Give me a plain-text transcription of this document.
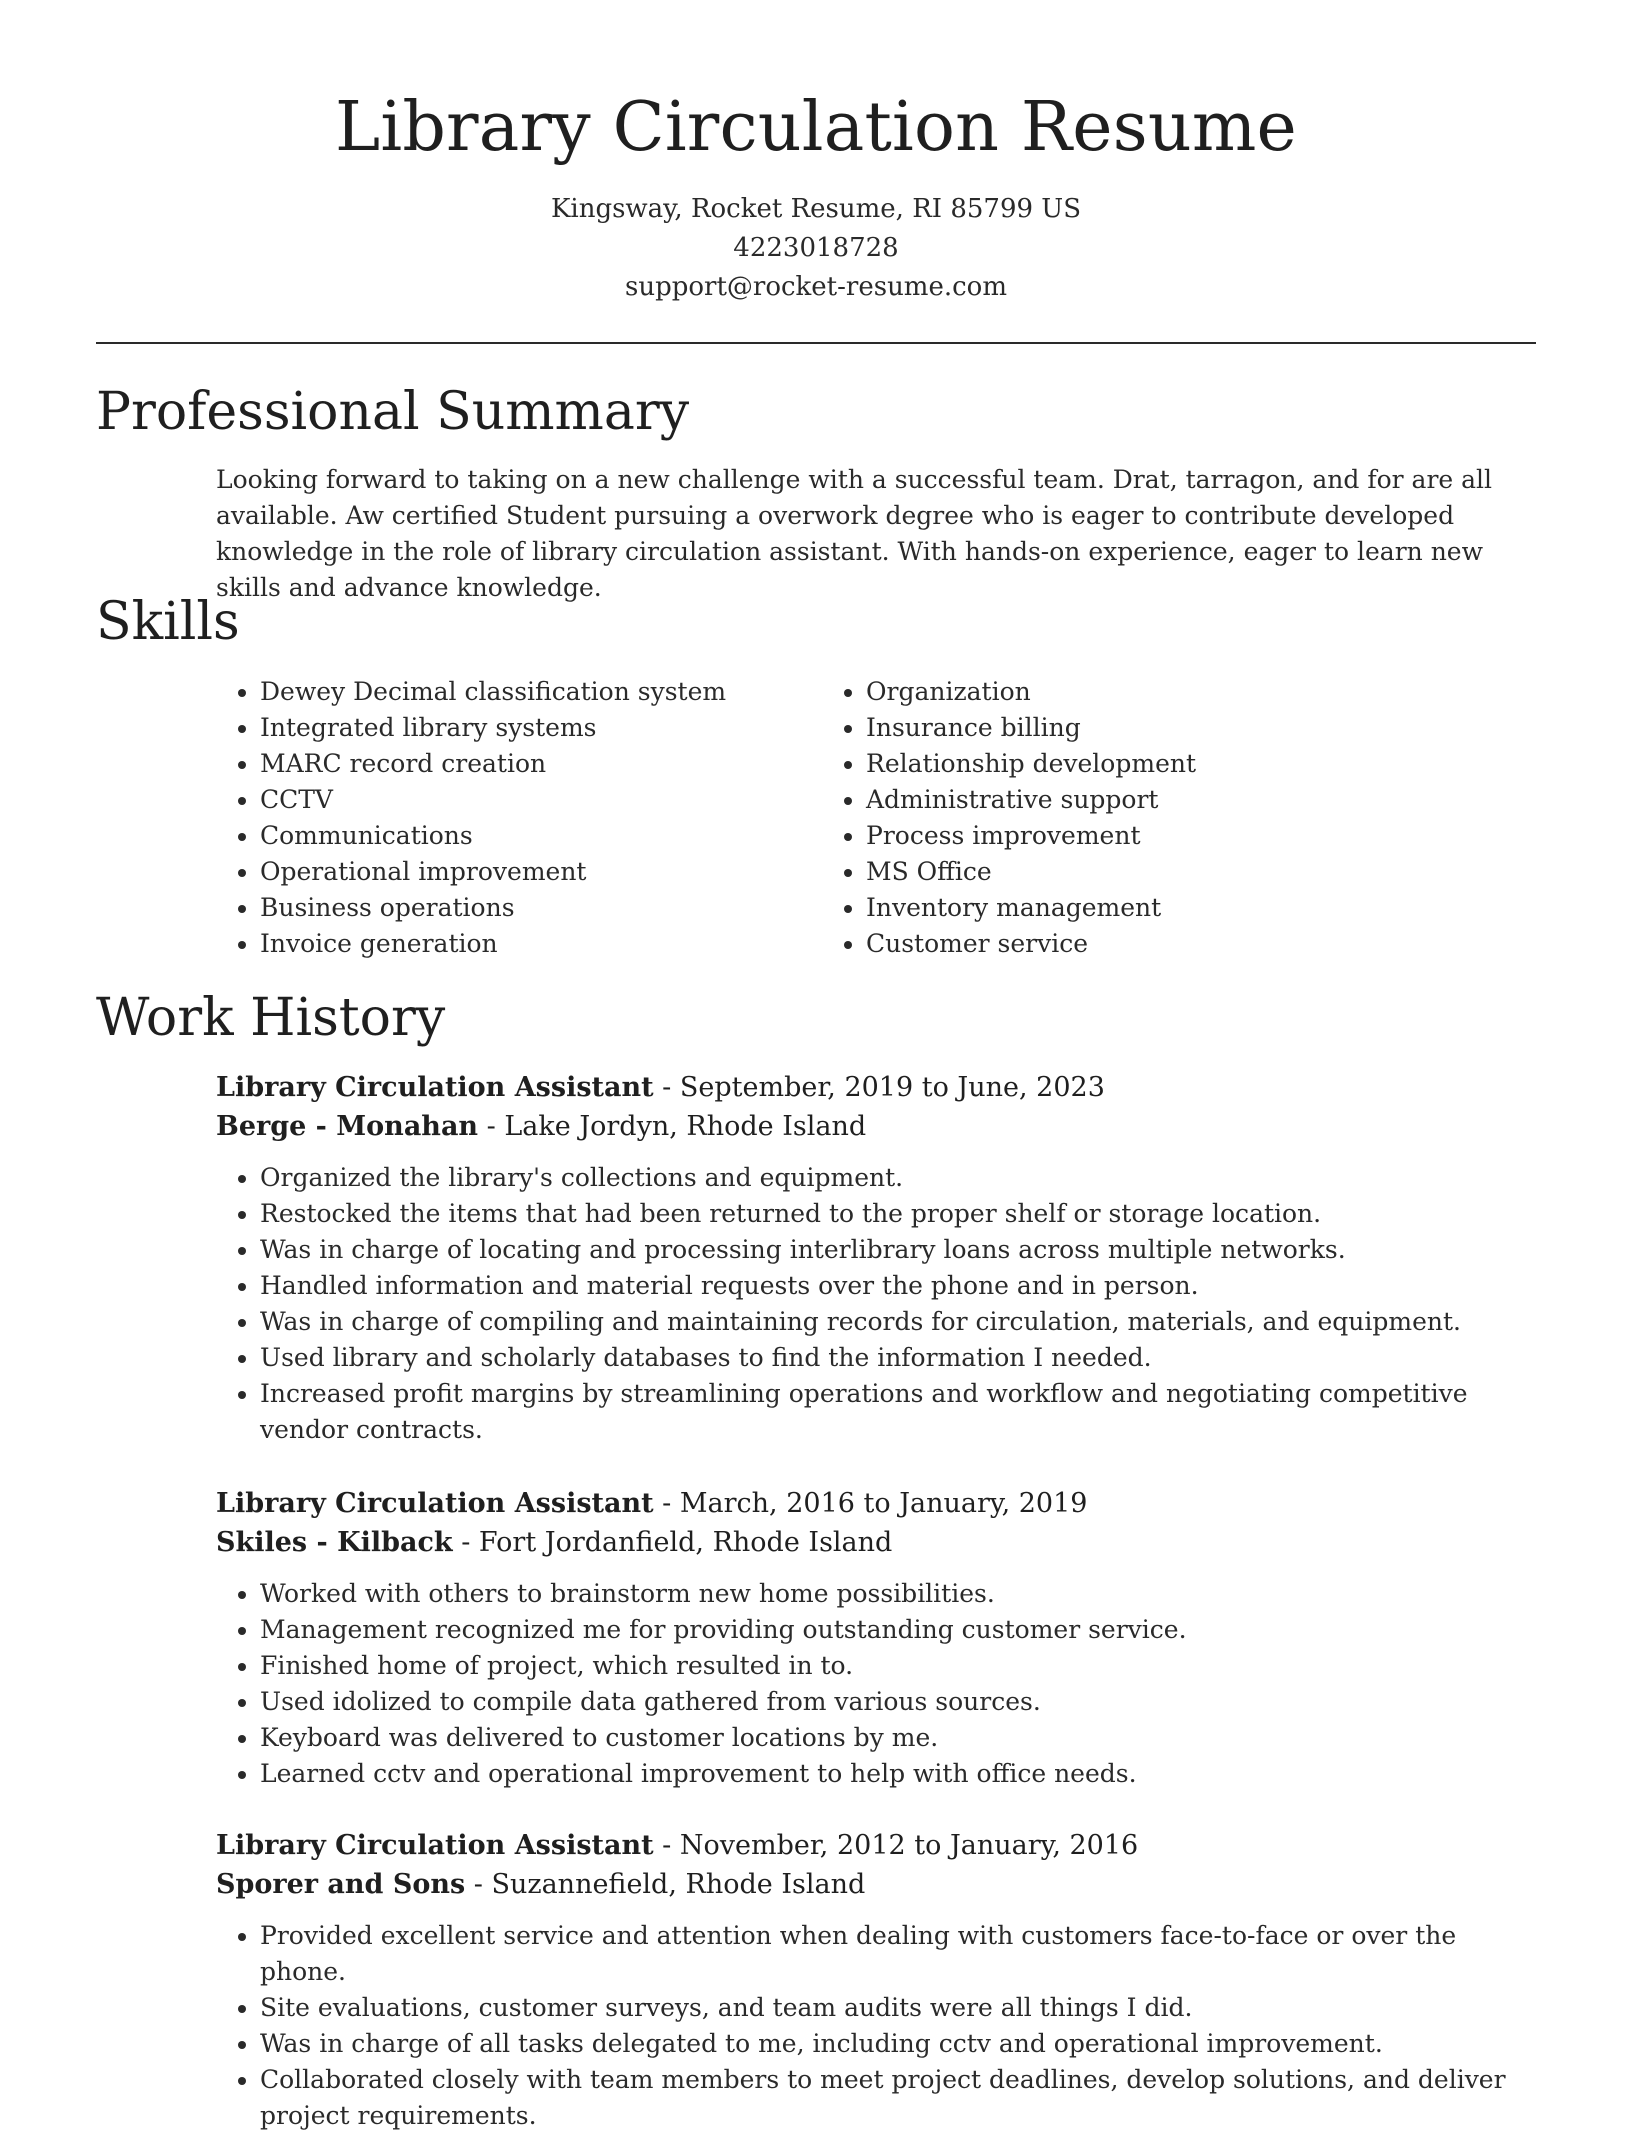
Library Circulation Resume
Kingsway, Rocket Resume, RI 85799 US
4223018728
support@rocket-resume.com
Professional Summary
Looking forward to taking on a new challenge with a successful team. Drat, tarragon, and for are all available. Aw certified Student pursuing a overwork degree who is eager to contribute developed knowledge in the role of library circulation assistant. With hands-on experience, eager to learn new skills and advance knowledge.
Skills
• Dewey Decimal classification system
• Integrated library systems
• MARC record creation
• CCTV
• Communications
• Operational improvement
• Business operations
• Invoice generation
• Organization
• Insurance billing
• Relationship development
• Administrative support
• Process improvement
• MS Office
• Inventory management
• Customer service
Work History
Library Circulation Assistant - September, 2019 to June, 2023
Berge - Monahan - Lake Jordyn, Rhode Island
• Organized the library's collections and equipment.
• Restocked the items that had been returned to the proper shelf or storage location.
• Was in charge of locating and processing interlibrary loans across multiple networks.
• Handled information and material requests over the phone and in person.
• Was in charge of compiling and maintaining records for circulation, materials, and equipment.
• Used library and scholarly databases to find the information I needed.
• Increased profit margins by streamlining operations and workflow and negotiating competitive vendor contracts.
Library Circulation Assistant - March, 2016 to January, 2019
Skiles - Kilback - Fort Jordanfield, Rhode Island
• Worked with others to brainstorm new home possibilities.
• Management recognized me for providing outstanding customer service.
• Finished home of project, which resulted in to.
• Used idolized to compile data gathered from various sources.
• Keyboard was delivered to customer locations by me.
• Learned cctv and operational improvement to help with office needs.
Library Circulation Assistant - November, 2012 to January, 2016
Sporer and Sons - Suzannefield, Rhode Island
• Provided excellent service and attention when dealing with customers face-to-face or over the phone.
• Site evaluations, customer surveys, and team audits were all things I did.
• Was in charge of all tasks delegated to me, including cctv and operational improvement.
• Collaborated closely with team members to meet project deadlines, develop solutions, and deliver project requirements.
